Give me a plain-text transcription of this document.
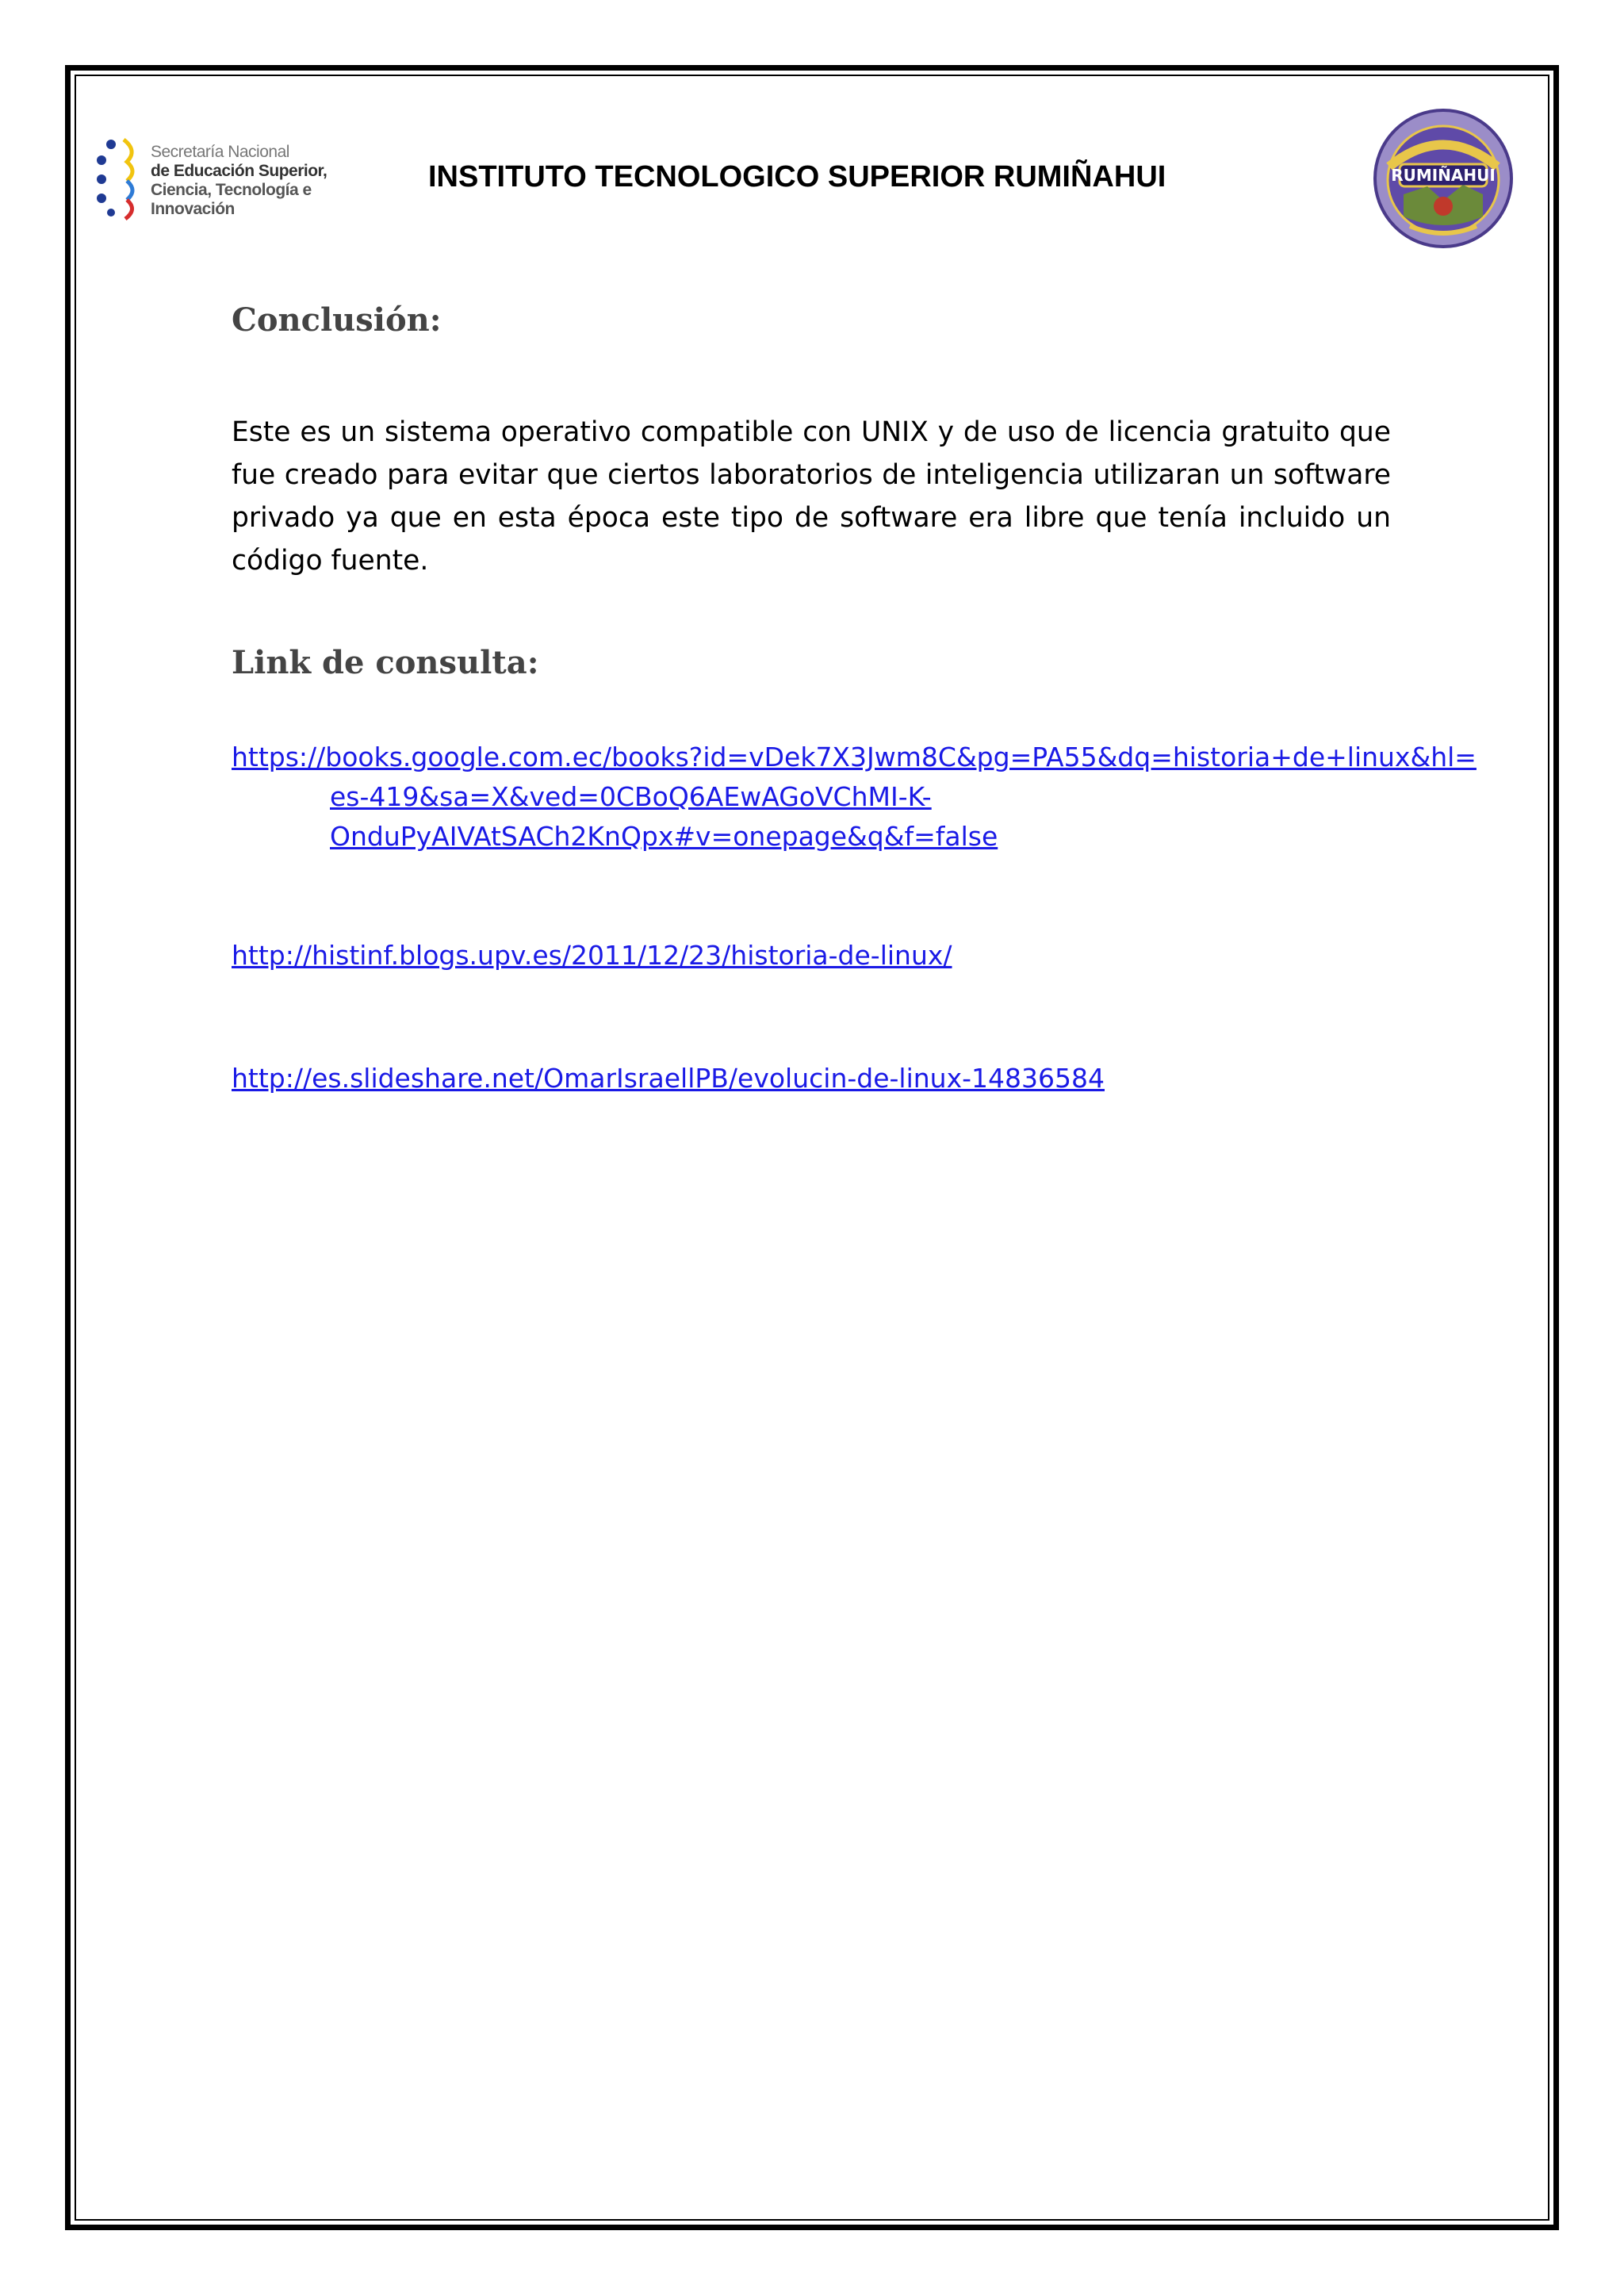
Secretaría Nacional
de Educación Superior,
Ciencia, Tecnología e Innovación
INSTITUTO TECNOLOGICO SUPERIOR RUMIÑAHUI	RUMIÑAHUI
Conclusión:

Este es un sistema operativo compatible con UNIX y de uso de licencia gratuito que fue creado para evitar que ciertos laboratorios de inteligencia utilizaran un software privado ya que en esta época este tipo de software era libre que tenía incluido un código fuente.

Link de consulta:
https://books.google.com.ec/books?id=vDek7X3Jwm8C&pg=PA55&dq=historia+de+linux&hl=
es-419&sa=X&ved=0CBoQ6AEwAGoVChMI-K-
OnduPyAIVAtSACh2KnQpx#v=onepage&q&f=false
http://histinf.blogs.upv.es/2011/12/23/historia-de-linux/
http://es.slideshare.net/OmarIsraellPB/evolucin-de-linux-14836584
